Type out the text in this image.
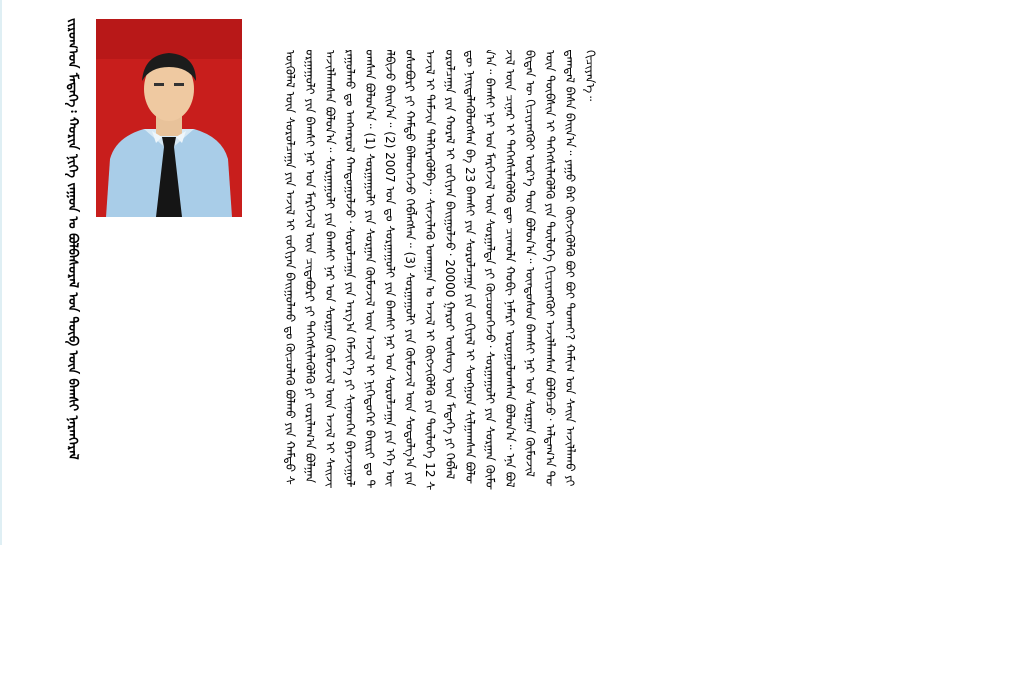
ᠵᠢᠷᠤᠭ᠎ᠤᠨ ᠮᠡᠳᠡᠭᠡ᠄ ᠬᠣᠷᠢᠨ ᠨᠢᠭᠡ ᠵᠠᠭᠤᠨ ᠤ ᠪᠣᠯᠪᠠᠰᠤᠷᠠᠯ ᠤᠨ ᠲᠦᠪ ᠦᠨ ᠪᠠᠭᠰᠢ ᠨᠠᠷᠠᠨᠭᠡᠷᠡᠯ	ᠦᠭᠦᠯᠡᠯ ᠦᠨ ᠰᠤᠷᠤᠯᠴᠠᠭᠠ ᠶᠢᠨ ᠠᠵᠢᠯ ᠢ ᠵᠣᠬᠢᠶᠠᠨ ᠪᠠᠢᠭᠤᠯᠬᠤ ᠳᠤ ᠬᠦᠴᠦᠯᠡᠬᠦ ᠪᠣᠯᠬᠤ ᠶᠢᠨ ᠬᠠᠮᠲᠤ ᠰᠤᠷᠭᠠᠭᠤᠯᠢ ᠶᠢᠨ ᠪᠠᠭᠰᠢ ᠨᠠᠷ ᠤᠨ ᠮᠡᠷᠭᠡᠵᠢᠯ ᠦᠨ ᠴᠢᠳᠠᠪᠤᠷᠢ ᠶᠢ ᠳᠡᠭᠡᠭᠰᠢᠯᠡᠭᠦᠯᠬᠦ ᠶᠢ ᠵᠣᠷᠢᠯᠠᠭ᠎ᠠ ᠪᠣᠯᠭᠠᠨ ᠠᠵᠢᠯᠯᠠᠭᠰᠠᠨ ᠪᠣᠯᠤᠨ᠎ᠠ᠃ ᠰᠤᠷᠭᠠᠭᠤᠯᠢ ᠶᠢᠨ ᠪᠠᠭᠰᠢ ᠨᠠᠷ ᠤᠨ ᠰᠤᠷᠭᠠᠨ ᠬᠥᠮᠦᠵᠢᠯ ᠦᠨ ᠠᠵᠢᠯ ᠢ ᠰᠠᠢᠵᠢᠷᠠᠭᠤᠯᠬᠤ ᠳᠤ ᠠᠩᠬᠠᠷᠤᠯ ᠬᠠᠨᠳᠤᠭᠤᠯᠵᠤ᠂ ᠰᠤᠷᠤᠯᠴᠠᠭᠠ ᠶᠢᠨ ᠠᠷᠭ᠎ᠠ ᠬᠡᠮᠵᠢᠶ᠎ᠡ ᠶᠢ ᠰᠢᠨᠡᠳᠬᠡᠨ ᠪᠠᠶᠠᠵᠢᠭᠤᠯᠤᠭᠰᠠᠨ ᠪᠣᠯᠤᠨ᠎ᠠ᠃ (1) ᠰᠤᠷᠭᠠᠭᠤᠯᠢ ᠶᠢᠨ ᠰᠤᠷᠭᠠᠨ ᠬᠥᠮᠦᠵᠢᠯ ᠦᠨ ᠠᠵᠢᠯ ᠢ ᠨᠢᠭᠡᠳᠦᠭᠡᠷ ᠪᠠᠢᠷᠢ ᠳᠤ ᠲᠠᠯᠪᠢᠵᠤ ᠪᠠᠢᠨ᠎ᠠ᠃ (2) 2007 ᠣᠨ ᠳᠤ ᠰᠤᠷᠭᠠᠭᠤᠯᠢ ᠶᠢᠨ ᠪᠠᠭᠰᠢ ᠨᠠᠷ ᠤᠨ ᠰᠤᠷᠤᠯᠴᠠᠭᠠ ᠶᠢᠨ ᠡᠬᠡ ᠦᠦᠰᠦᠪᠦᠷᠢ ᠶᠢ ᠬᠠᠮᠲᠤ ᠪᠡᠯᠡᠳᠬᠡᠵᠤ ᠬᠡᠪᠯᠡᠭᠰᠡᠨ᠃ (3) ᠰᠤᠷᠭᠠᠭᠤᠯᠢ ᠶᠢᠨ ᠬᠦᠮᠦᠵᠢᠯ ᠦᠨ ᠰᠤᠳᠤᠯᠭ᠎ᠠ ᠶᠢᠨ ᠠᠵᠢᠯ ᠢ ᠳᠡᠮᠵᠢᠨ ᠳᠡᠯᠭᠡᠷᠡᠭᠦᠯᠪᠡ᠃ ᠰᠢᠨᠵᠢᠯᠡᠬᠦ ᠤᠬᠠᠭᠠᠨ ᠤ ᠠᠵᠢᠯ ᠢ ᠬᠥᠭᠵᠢᠭᠦᠯᠬᠦ ᠶᠢᠨ ᠲᠥᠯᠥᠭᠡ 12 ᠰᠤᠷᠤᠯᠴᠠᠭᠠ ᠶᠢᠨ ᠬᠤᠷᠠᠯ ᠢ ᠵᠣᠬᠢᠶᠠᠨ ᠪᠠᠢᠭᠤᠯᠵᠤ᠂ 20000 ᠭᠠᠷᠤᠢ ᠦᠰᠦᠭ ᠦᠨ ᠮᠡᠳᠡᠭᠡ ᠶᠢ ᠬᠡᠪᠯᠡᠯ ᠳᠦ ᠨᠡᠢᠲᠡᠯᠡᠭᠦᠯᠦᠭᠰᠡᠨ ᠪᠠ 23 ᠪᠠᠭᠰᠢ ᠶᠢᠨ ᠰᠤᠷᠤᠯᠴᠠᠭᠠ ᠶᠢᠨ ᠵᠣᠬᠢᠶᠠᠯ ᠢ ᠰᠣᠩᠭᠣᠨ ᠰᠢᠯᠭᠠᠭᠰᠠᠨ ᠪᠣᠯᠤᠨ᠎ᠠ᠃ ᠪᠠᠭᠰᠢ ᠨᠠᠷ ᠤᠨ ᠮᠡᠷᠭᠡᠵᠢᠯ ᠦᠨ ᠰᠤᠷᠭᠠᠯᠲᠠ ᠶᠢ ᠬᠦᠴᠦᠳᠬᠡᠵᠦ᠂ ᠰᠤᠷᠭᠠᠭᠤᠯᠢ ᠶᠢᠨ ᠰᠤᠷᠭᠠᠨ ᠬᠥᠮᠦᠵᠢᠯ ᠦᠨ ᠴᠢᠨᠠᠷ ᠢ ᠳᠡᠭᠡᠭᠰᠢᠯᠡᠭᠦᠯᠬᠦ ᠳᠦ ᠴᠢᠬᠤᠯᠠ ᠬᠤᠪᠢ ᠨᠡᠮᠡᠷᠢ ᠣᠷᠤᠭᠤᠯᠤᠭᠰᠠᠨ ᠪᠣᠯᠤᠨ᠎ᠠ᠃ ᠡᠨᠡ ᠪᠣᠯ ᠪᠢᠳᠡᠨ ᠦ ᠬᠢᠴᠢᠶᠡᠩᠭᠦᠢ ᠦᠷ᠎ᠡ ᠳᠦᠨ ᠪᠣᠯᠤᠨ᠎ᠠ᠃ ᠦᠨᠳᠦᠰᠦᠨ ᠪᠠᠭᠰᠢ ᠨᠠᠷ ᠤᠨ ᠰᠤᠷᠭᠠᠨ ᠬᠥᠮᠦᠵᠢᠯ ᠦᠨ ᠲᠥᠪᠰᠢᠨ ᠢ ᠳᠡᠭᠡᠭᠰᠢᠯᠡᠭᠦᠯᠬᠦ ᠶᠢᠨ ᠲᠥᠯᠥᠭᠡ ᠬᠢᠴᠢᠶᠡᠩᠭᠦᠢ ᠠᠵᠢᠯᠯᠠᠭᠰᠠᠨ ᠪᠣᠯᠪᠠᠴᠤ᠂ ᠠᠯᠳᠠᠭ᠎ᠠ ᠳᠤᠲᠠᠭᠳᠠᠯ ᠪᠠᠰᠠ ᠪᠠᠢᠨ᠎ᠠ᠃ ᠶᠠᠭᠤ ᠪᠠᠷ ᠬᠥᠭᠵᠢᠭᠦᠯᠬᠦ ᠪᠤᠢ ᠪᠤᠢ ᠲᠤᠬᠠᠢ? ᠬᠠᠮᠢᠭ ᠤᠨ ᠰᠠᠢᠨ ᠠᠵᠢᠯᠯᠠᠬᠤ ᠶᠢ ᠬᠢᠴᠢᠶᠡᠨ᠎ᠡ᠃
